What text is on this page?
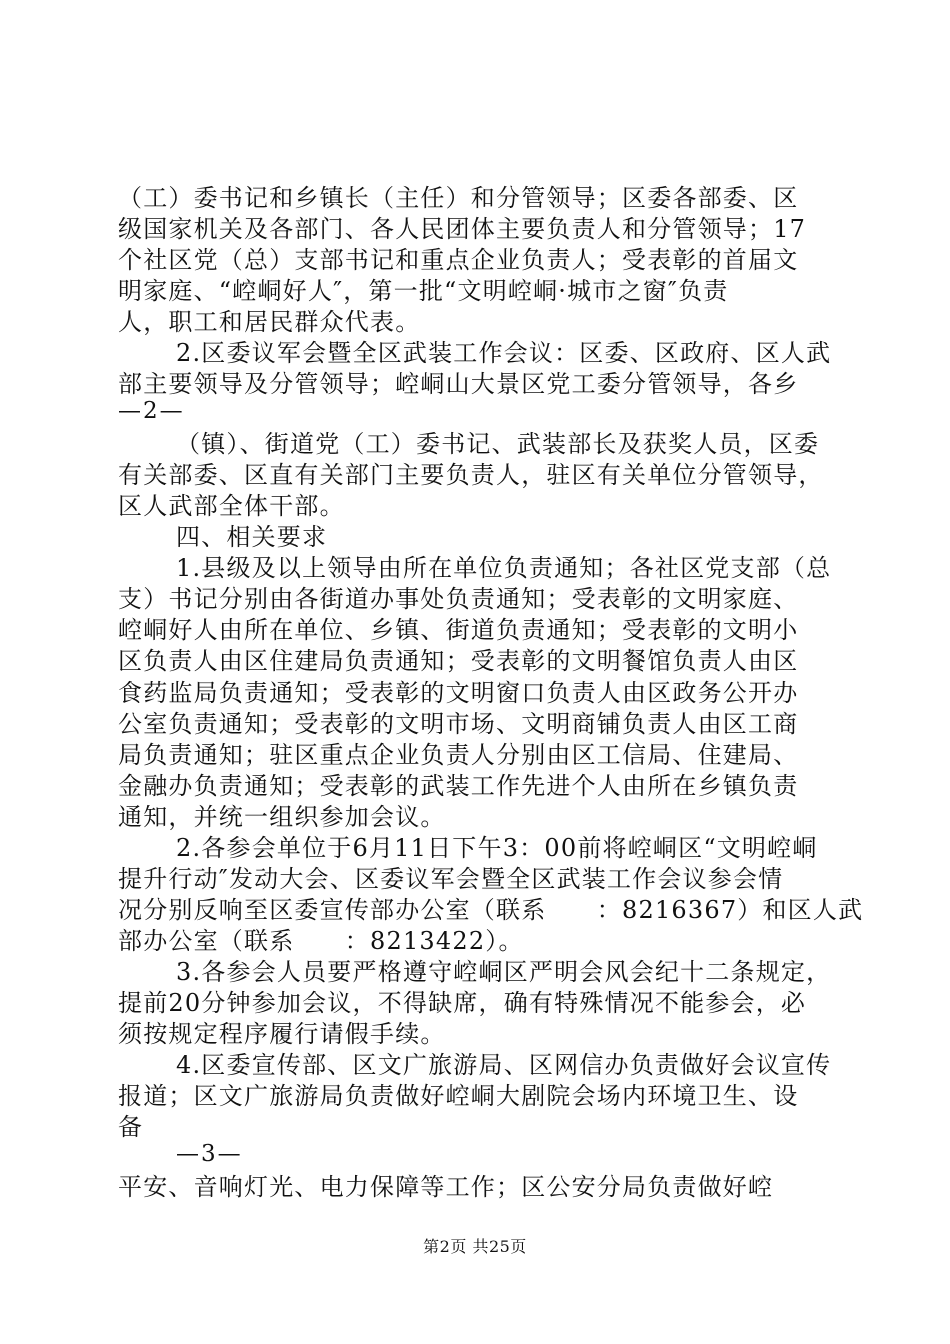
（工）委书记和乡镇长（主任）和分管领导；区委各部委、区
级国家机关及各部门、各人民团体主要负责人和分管领导；17
个社区党（总）支部书记和重点企业负责人；受表彰的首届文
明家庭、“崆峒好人″，第一批“文明崆峒·城市之窗″负责
人，职工和居民群众代表。
2.区委议军会暨全区武装工作会议：区委、区政府、区人武
部主要领导及分管领导；崆峒山大景区党工委分管领导，各乡
—2—
（镇）、街道党（工）委书记、武装部长及获奖人员，区委
有关部委、区直有关部门主要负责人，驻区有关单位分管领导，
区人武部全体干部。
四、相关要求
1.县级及以上领导由所在单位负责通知；各社区党支部（总
支）书记分别由各街道办事处负责通知；受表彰的文明家庭、
崆峒好人由所在单位、乡镇、街道负责通知；受表彰的文明小
区负责人由区住建局负责通知；受表彰的文明餐馆负责人由区
食药监局负责通知；受表彰的文明窗口负责人由区政务公开办
公室负责通知；受表彰的文明市场、文明商铺负责人由区工商
局负责通知；驻区重点企业负责人分别由区工信局、住建局、
金融办负责通知；受表彰的武装工作先进个人由所在乡镇负责
通知，并统一组织参加会议。
2.各参会单位于6月11日下午3：00前将崆峒区“文明崆峒
提升行动″发动大会、区委议军会暨全区武装工作会议参会情
况分别反响至区委宣传部办公室（联系　　：8216367）和区人武
部办公室（联系　　：8213422）。
3.各参会人员要严格遵守崆峒区严明会风会纪十二条规定，
提前20分钟参加会议，不得缺席，确有特殊情况不能参会，必
须按规定程序履行请假手续。
4.区委宣传部、区文广旅游局、区网信办负责做好会议宣传
报道；区文广旅游局负责做好崆峒大剧院会场内环境卫生、设
备
—3—
平安、音响灯光、电力保障等工作；区公安分局负责做好崆
第2页 共25页
